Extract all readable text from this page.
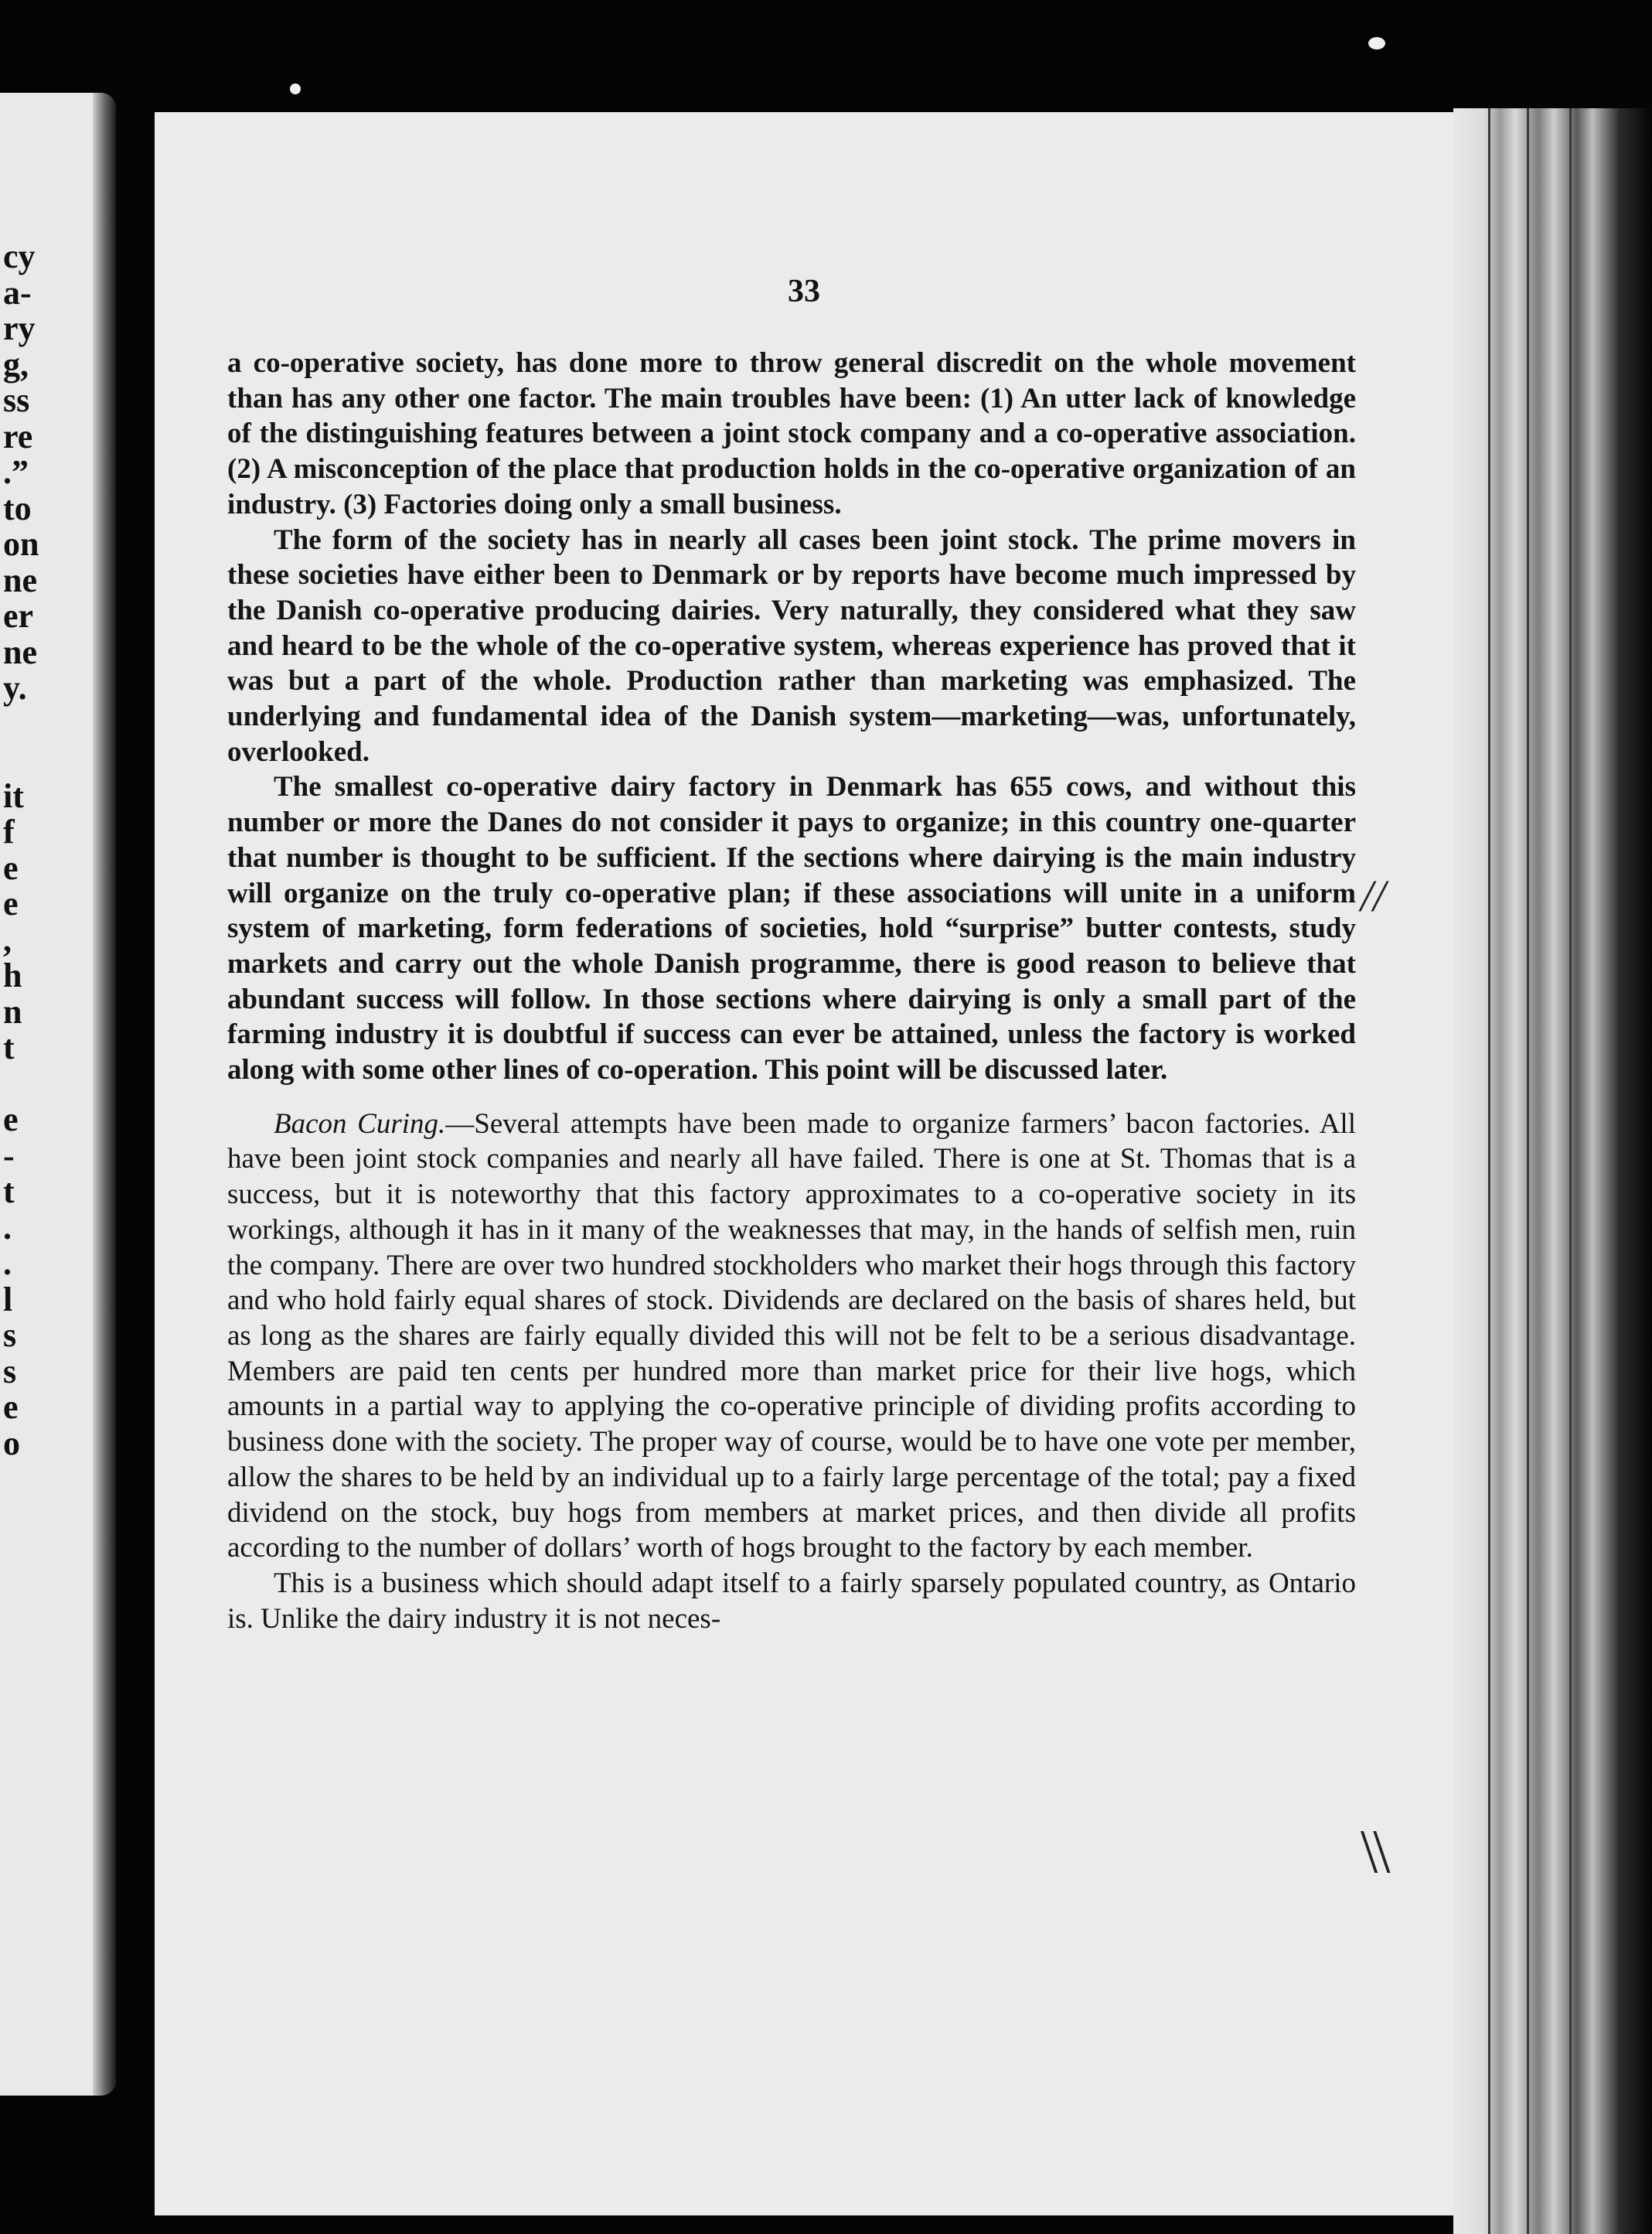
cy
a-
ry
g,
ss
re
.”
to
on
ne
er
ne
y.
it
f
e
e
,
h
n
t
e
-
t
.
.
l
s
s
e
o
33

a co-operative society, has done more to throw general discredit on the whole movement than has any other one factor. The main troubles have been: (1) An utter lack of knowledge of the distinguishing features between a joint stock company and a co-operative association. (2) A misconception of the place that production holds in the co-operative organization of an industry. (3) Factories doing only a small business.

The form of the society has in nearly all cases been joint stock. The prime movers in these societies have either been to Denmark or by reports have become much impressed by the Danish co-operative producing dairies. Very naturally, they considered what they saw and heard to be the whole of the co-operative system, whereas experience has proved that it was but a part of the whole. Production rather than marketing was emphasized. The underlying and fundamental idea of the Danish system—marketing—was, unfortunately, overlooked.

The smallest co-operative dairy factory in Denmark has 655 cows, and without this number or more the Danes do not consider it pays to organize; in this country one-quarter that number is thought to be sufficient. If the sections where dairying is the main industry will organize on the truly co-operative plan; if these associations will unite in a uniform system of marketing, form federations of societies, hold “surprise” butter contests, study markets and carry out the whole Danish programme, there is good reason to believe that abundant success will follow. In those sections where dairying is only a small part of the farming industry it is doubtful if success can ever be attained, unless the factory is worked along with some other lines of co-operation. This point will be discussed later.

Bacon Curing.—Several attempts have been made to organize farmers’ bacon factories. All have been joint stock companies and nearly all have failed. There is one at St. Thomas that is a success, but it is noteworthy that this factory approximates to a co-operative society in its workings, although it has in it many of the weaknesses that may, in the hands of selfish men, ruin the company. There are over two hundred stockholders who market their hogs through this factory and who hold fairly equal shares of stock. Dividends are declared on the basis of shares held, but as long as the shares are fairly equally divided this will not be felt to be a serious disadvantage. Members are paid ten cents per hundred more than market price for their live hogs, which amounts in a partial way to applying the co-operative principle of dividing profits according to business done with the society. The proper way of course, would be to have one vote per member, allow the shares to be held by an individual up to a fairly large percentage of the total; pay a fixed dividend on the stock, buy hogs from members at market prices, and then divide all profits according to the number of dollars’ worth of hogs brought to the factory by each member.

This is a business which should adapt itself to a fairly sparsely populated country, as Ontario is. Unlike the dairy industry it is not neces-

//
\\
